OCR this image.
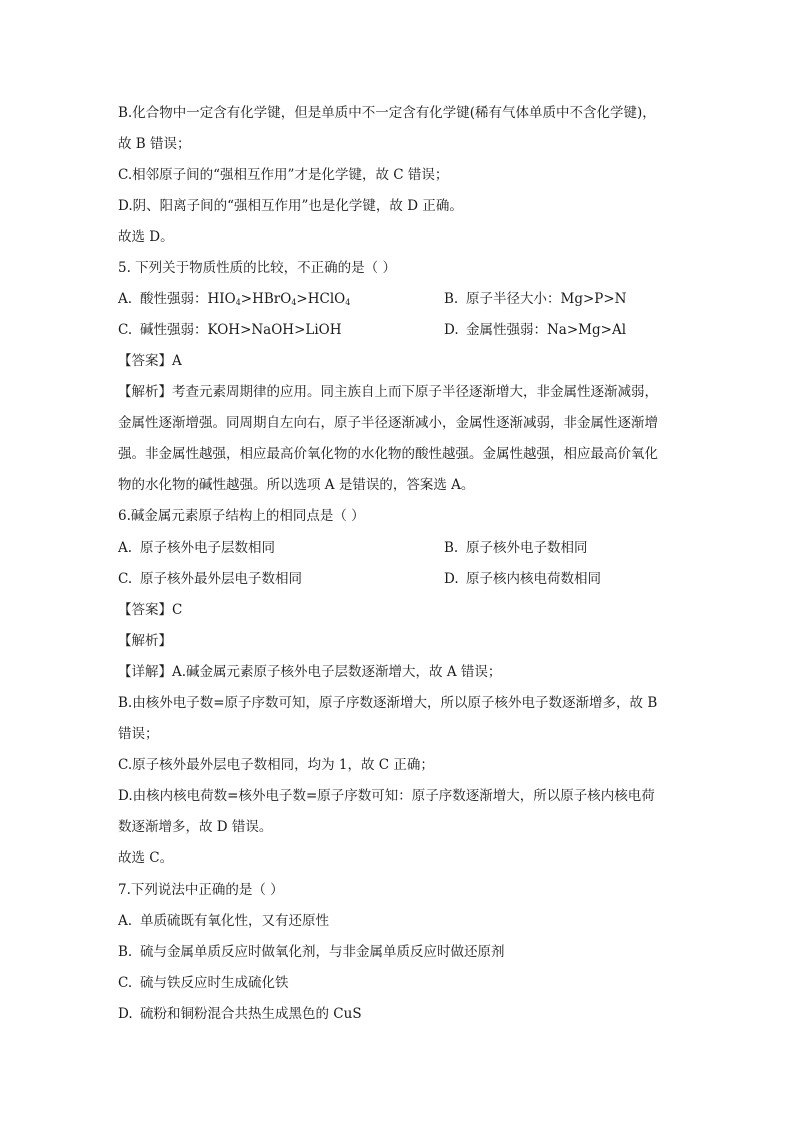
B.化合物中一定含有化学键，但是单质中不一定含有化学键(稀有气体单质中不含化学键)，
故 B 错误；
C.相邻原子间的“强相互作用”才是化学键，故 C 错误；
D.阴、阳离子间的“强相互作用”也是化学键，故 D 正确。
故选 D。
5. 下列关于物质性质的比较，不正确的是（ ）
A. 酸性强弱：$HIO_4>HBrO_4>HClO_4$	B. 原子半径大小：Mg>P>N
C. 碱性强弱：KOH>NaOH>LiOH	D. 金属性强弱：Na>Mg>Al
【答案】A
【解析】考查元素周期律的应用。同主族自上而下原子半径逐渐增大，非金属性逐渐减弱，
金属性逐渐增强。同周期自左向右，原子半径逐渐减小，金属性逐渐减弱，非金属性逐渐增
强。非金属性越强，相应最高价氧化物的水化物的酸性越强。金属性越强，相应最高价氧化
物的水化物的碱性越强。所以选项 A 是错误的，答案选 A。
6.碱金属元素原子结构上的相同点是（ ）
A. 原子核外电子层数相同	B. 原子核外电子数相同
C. 原子核外最外层电子数相同	D. 原子核内核电荷数相同
【答案】C
【解析】
【详解】A.碱金属元素原子核外电子层数逐渐增大，故 A 错误；
B.由核外电子数=原子序数可知，原子序数逐渐增大，所以原子核外电子数逐渐增多，故 B
错误；
C.原子核外最外层电子数相同，均为 1，故 C 正确；
D.由核内核电荷数=核外电子数=原子序数可知：原子序数逐渐增大，所以原子核内核电荷
数逐渐增多，故 D 错误。
故选 C。
7.下列说法中正确的是（ ）
A. 单质硫既有氧化性，又有还原性
B. 硫与金属单质反应时做氧化剂，与非金属单质反应时做还原剂
C. 硫与铁反应时生成硫化铁
D. 硫粉和铜粉混合共热生成黑色的 CuS
